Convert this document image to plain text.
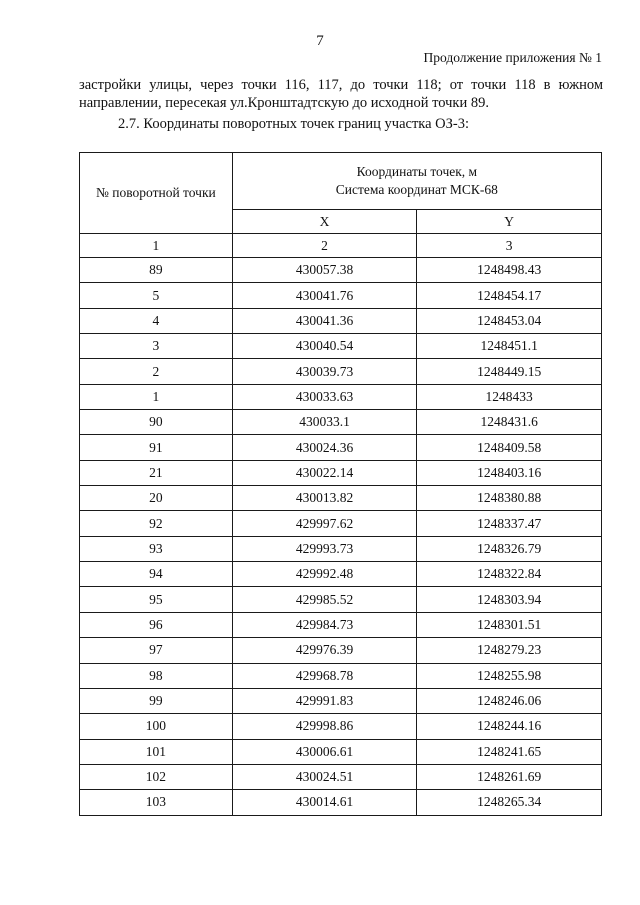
7
Продолжение приложения № 1
застройки улицы, через точки 116, 117, до точки 118; от точки 118 в южном
направлении, пересекая ул.Кронштадтскую до исходной точки 89.
2.7. Координаты поворотных точек границ участка ОЗ-3:
№ поворотной точки	Координаты точек, м
Система координат МСК-68	

	X	Y
1	2	3
89	430057.38	1248498.43
5	430041.76	1248454.17
4	430041.36	1248453.04
3	430040.54	1248451.1
2	430039.73	1248449.15
1	430033.63	1248433
90	430033.1	1248431.6
91	430024.36	1248409.58
21	430022.14	1248403.16
20	430013.82	1248380.88
92	429997.62	1248337.47
93	429993.73	1248326.79
94	429992.48	1248322.84
95	429985.52	1248303.94
96	429984.73	1248301.51
97	429976.39	1248279.23
98	429968.78	1248255.98
99	429991.83	1248246.06
100	429998.86	1248244.16
101	430006.61	1248241.65
102	430024.51	1248261.69
103	430014.61	1248265.34
